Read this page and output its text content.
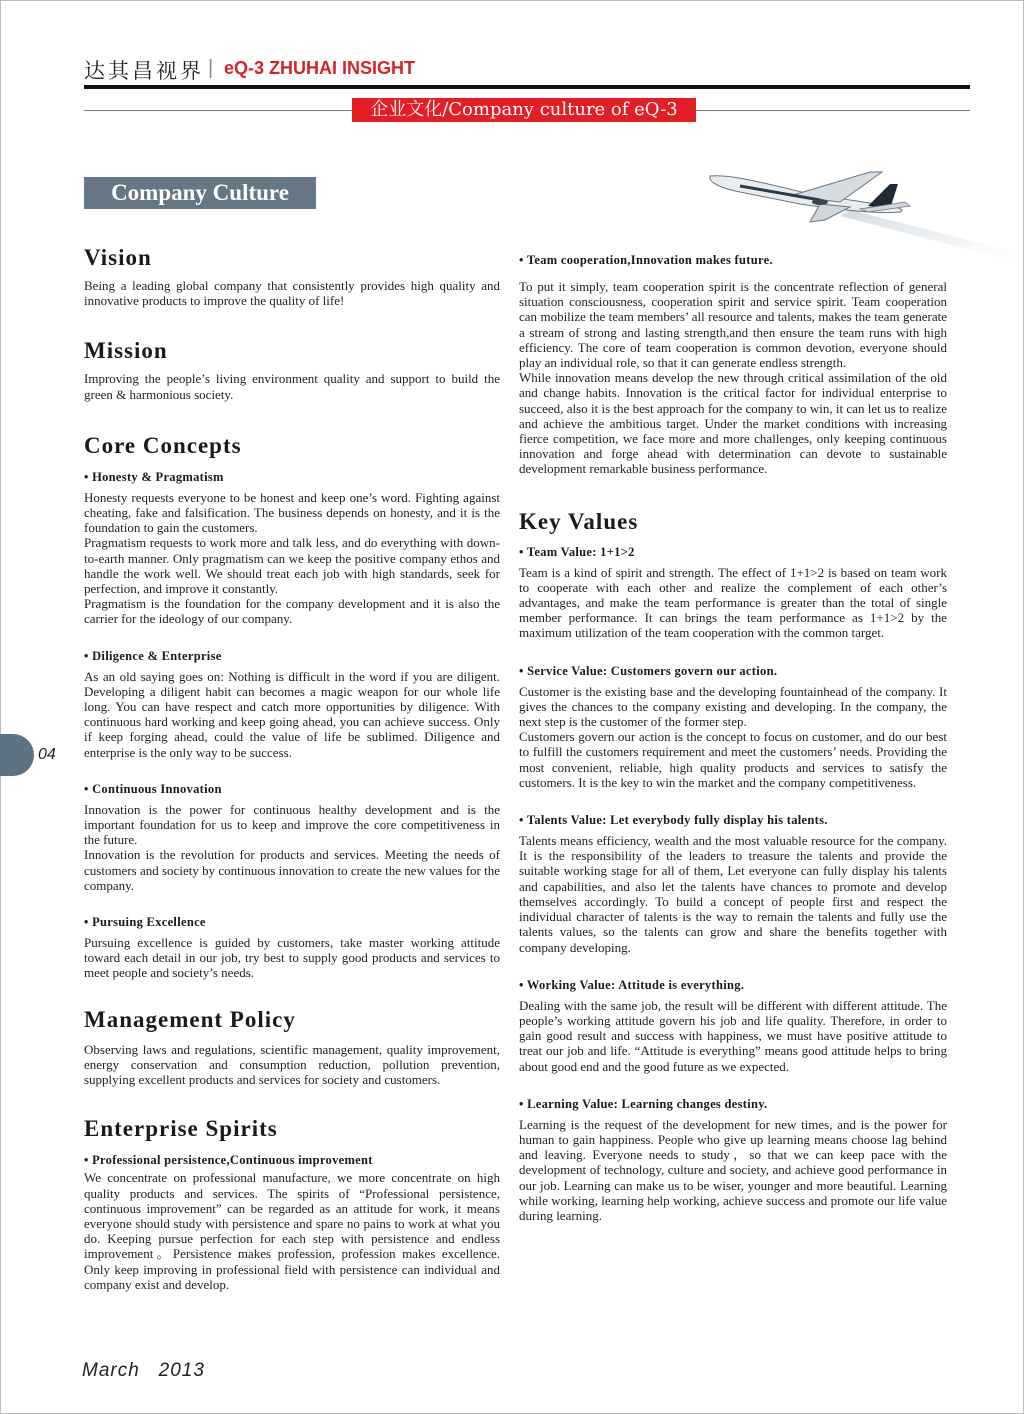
达其昌视界 | eQ-3 ZHUHAI INSIGHT
企业文化/Company culture of eQ-3
Company Culture
Vision

Being a leading global company that consistently provides high quality and innovative products to improve the quality of life!

Mission

Improving the people’s living environment quality and support to build the green & harmonious society.

Core Concepts
• Honesty & Pragmatism

Honesty requests everyone to be honest and keep one’s word. Fighting against cheating, fake and falsification. The business depends on honesty, and it is the foundation to gain the customers.

Pragmatism requests to work more and talk less, and do everything with down-to-earth manner. Only pragmatism can we keep the positive company ethos and handle the work well. We should treat each job with high standards, seek for perfection, and improve it constantly.

Pragmatism is the foundation for the company development and it is also the carrier for the ideology of our company.

• Diligence & Enterprise

As an old saying goes on: Nothing is difficult in the word if you are diligent. Developing a diligent habit can becomes a magic weapon for our whole life long. You can have respect and catch more opportunities by diligence. With continuous hard working and keep going ahead, you can achieve success. Only if keep forging ahead, could the value of life be sublimed. Diligence and enterprise is the only way to be success.

• Continuous Innovation

Innovation is the power for continuous healthy development and is the important foundation for us to keep and improve the core competitiveness in the future.

Innovation is the revolution for products and services. Meeting the needs of customers and society by continuous innovation to create the new values for the company.

• Pursuing Excellence

Pursuing excellence is guided by customers, take master working attitude toward each detail in our job, try best to supply good products and services to meet people and society’s needs.

Management Policy

Observing laws and regulations, scientific management, quality improvement, energy conservation and consumption reduction, pollution prevention, supplying excellent products and services for society and customers.

Enterprise Spirits
• Professional persistence,Continuous improvement

We concentrate on professional manufacture, we more concentrate on high quality products and services. The spirits of “Professional persistence, continuous improvement” can be regarded as an attitude for work, it means everyone should study with persistence and spare no pains to work at what you do. Keeping pursue perfection for each step with persistence and endless improvement。Persistence makes profession, profession makes excellence. Only keep improving in professional field with persistence can individual and company exist and develop.

• Team cooperation,Innovation makes future.

To put it simply, team cooperation spirit is the concentrate reflection of general situation consciousness, cooperation spirit and service spirit. Team cooperation can mobilize the team members’ all resource and talents, makes the team generate a stream of strong and lasting strength,and then ensure the team runs with high efficiency. The core of team cooperation is common devotion, everyone should play an individual role, so that it can generate endless strength.

While innovation means develop the new through critical assimilation of the old and change habits. Innovation is the critical factor for individual enterprise to succeed, also it is the best approach for the company to win, it can let us to realize and achieve the ambitious target. Under the market conditions with increasing fierce competition, we face more and more challenges, only keeping continuous innovation and forge ahead with determination can devote to sustainable development remarkable business performance.

Key Values
• Team Value: 1+1>2

Team is a kind of spirit and strength. The effect of 1+1>2 is based on team work to cooperate with each other and realize the complement of each other’s advantages, and make the team performance is greater than the total of single member performance. It can brings the team performance as 1+1>2 by the maximum utilization of the team cooperation with the common target.

• Service Value: Customers govern our action.

Customer is the existing base and the developing fountainhead of the company. It gives the chances to the company existing and developing. In the company, the next step is the customer of the former step.

Customers govern our action is the concept to focus on customer, and do our best to fulfill the customers requirement and meet the customers’ needs. Providing the most convenient, reliable, high quality products and services to satisfy the customers. It is the key to win the market and the company competitiveness.

• Talents Value: Let everybody fully display his talents.

Talents means efficiency, wealth and the most valuable resource for the company. It is the responsibility of the leaders to treasure the talents and provide the suitable working stage for all of them, Let everyone can fully display his talents and capabilities, and also let the talents have chances to promote and develop themselves accordingly. To build a concept of people first and respect the individual character of talents is the way to remain the talents and fully use the talents values, so the talents can grow and share the benefits together with company developing.

• Working Value: Attitude is everything.

Dealing with the same job, the result will be different with different attitude. The people’s working attitude govern his job and life quality. Therefore, in order to gain good result and success with happiness, we must have positive attitude to treat our job and life. “Attitude is everything” means good attitude helps to bring about good end and the good future as we expected.

• Learning Value: Learning changes destiny.

Learning is the request of the development for new times, and is the power for human to gain happiness. People who give up learning means choose lag behind and leaving. Everyone needs to study，so that we can keep pace with the development of technology, culture and society, and achieve good performance in our job. Learning can make us to be wiser, younger and more beautiful. Learning while working, learning help working, achieve success and promote our life value during learning.

04
March   2013
